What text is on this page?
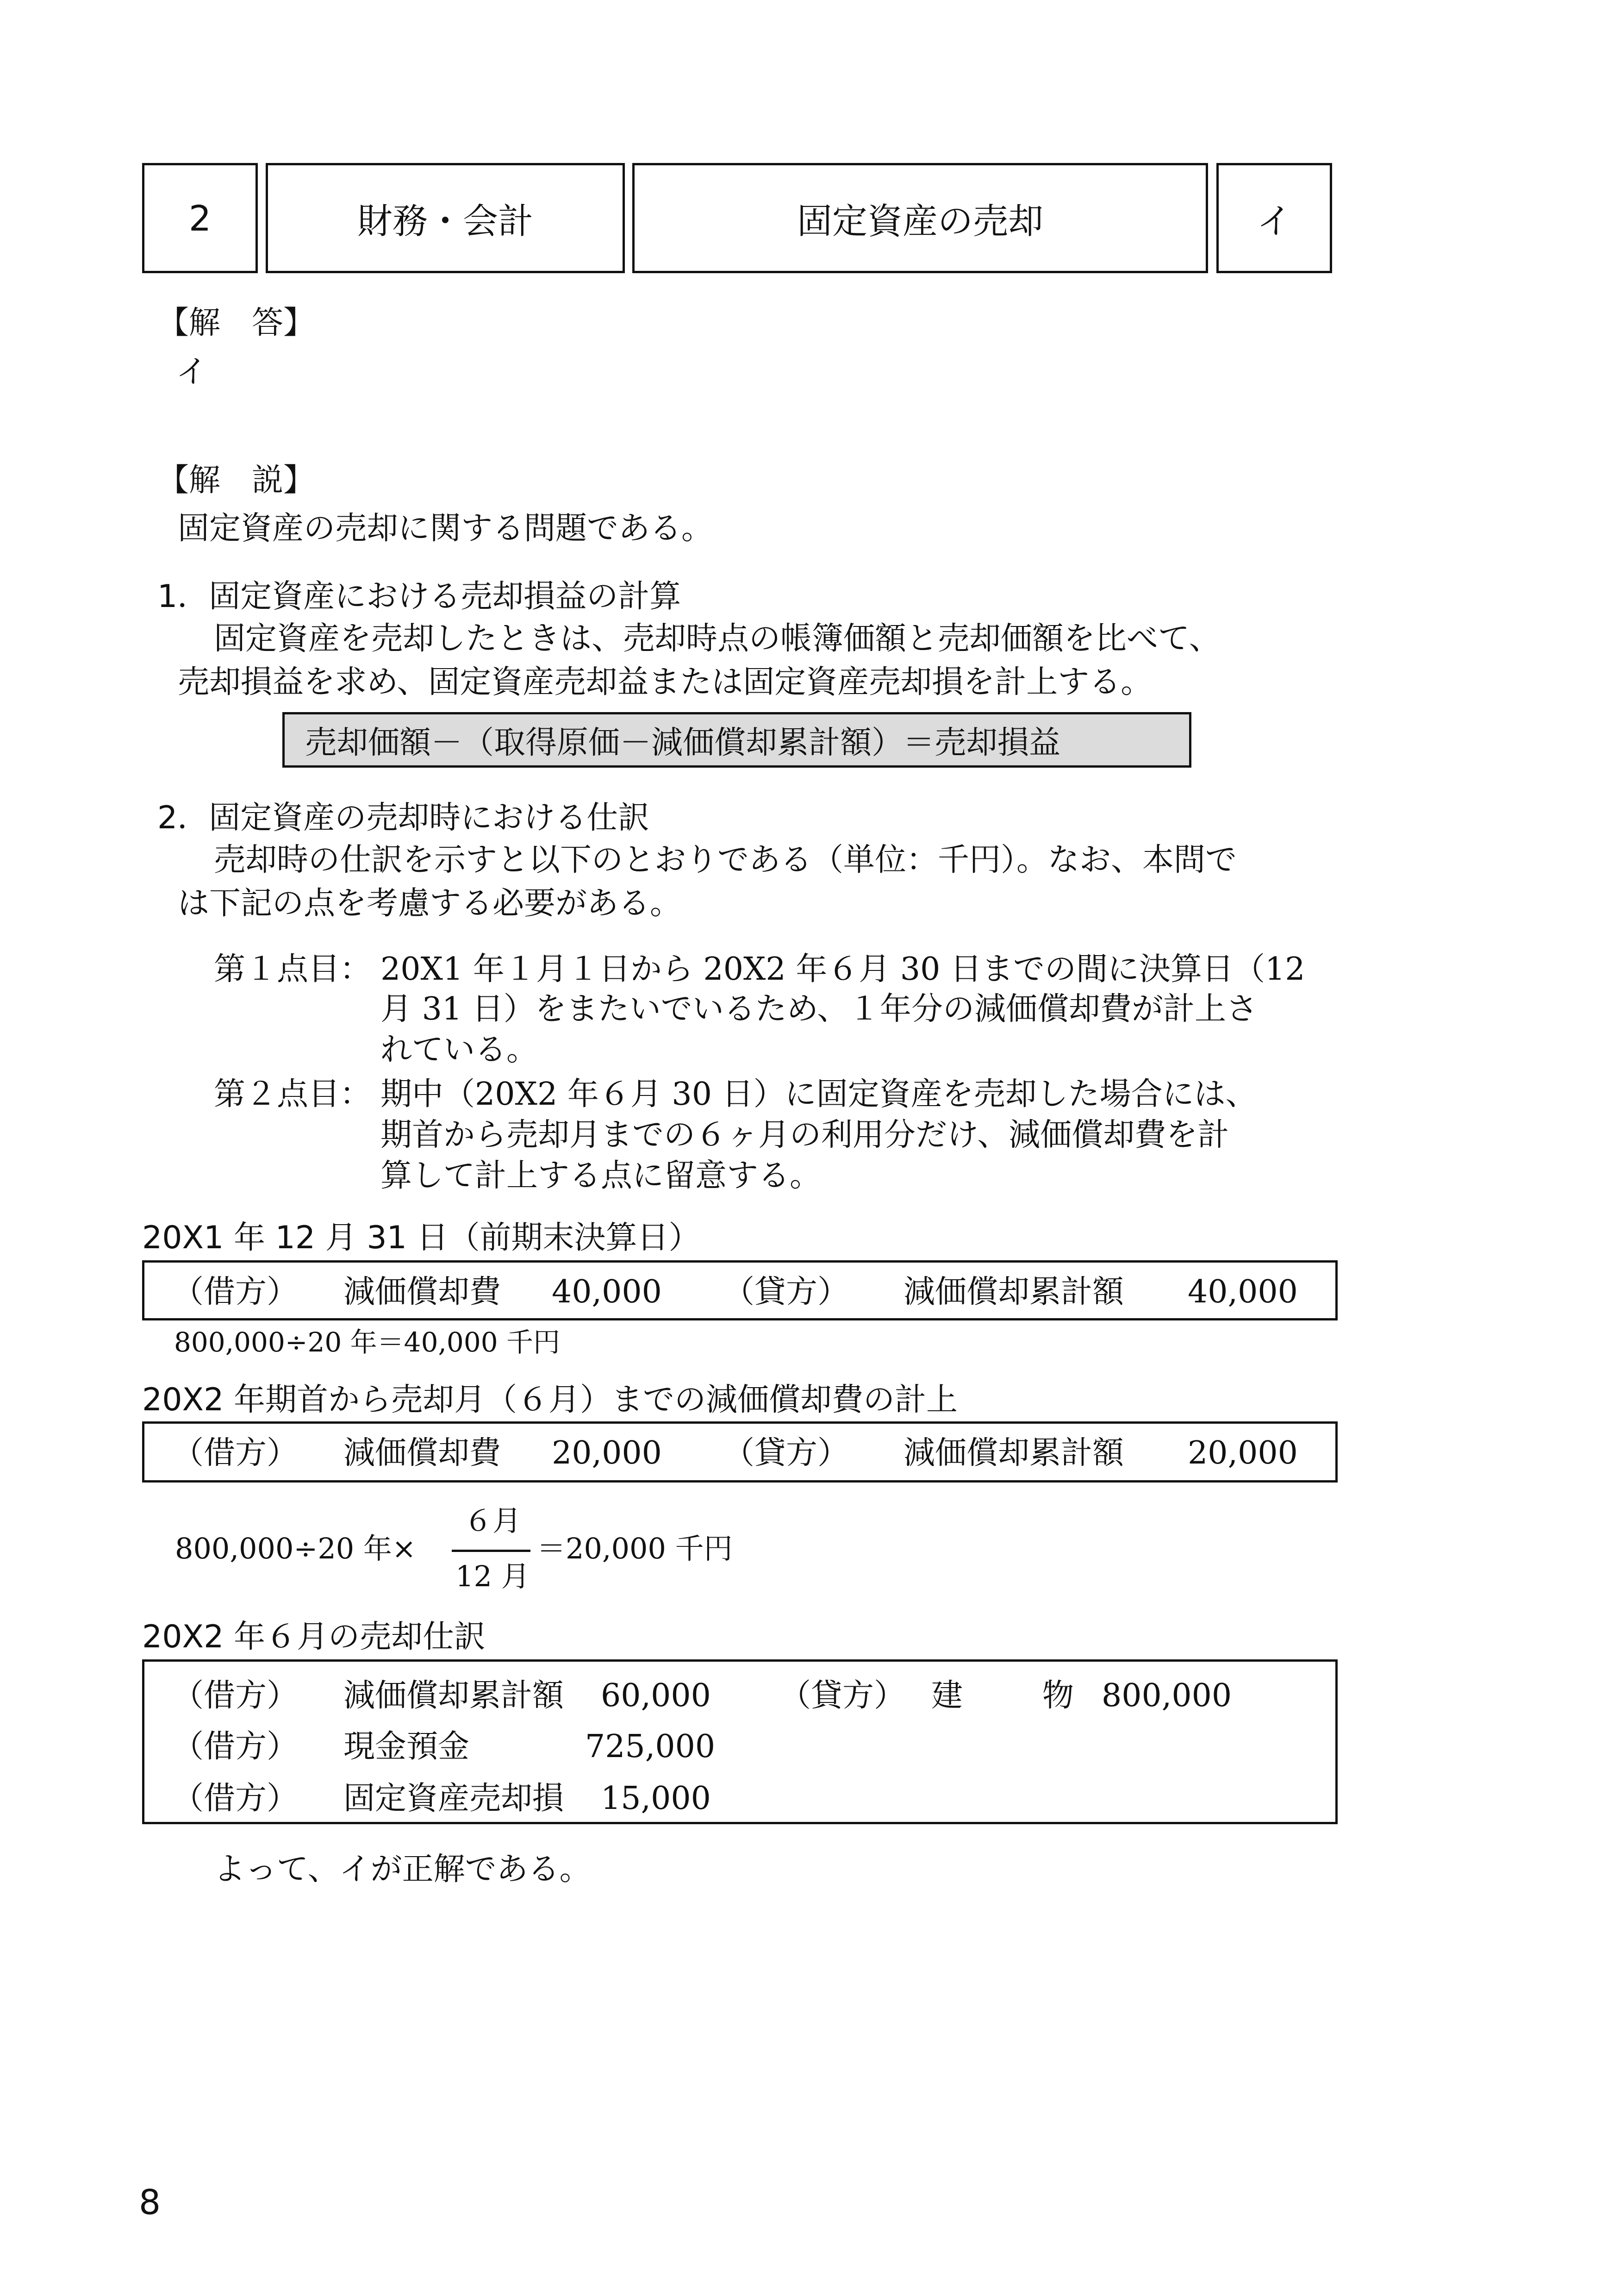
2	財務・会計	固定資産の売却	イ
【解　答】
イ
【解　説】
固定資産の売却に関する問題である。
1．固定資産における売却損益の計算
固定資産を売却したときは、売却時点の帳簿価額と売却価額を比べて、
売却損益を求め、固定資産売却益または固定資産売却損を計上する。
売却価額－（取得原価－減価償却累計額）＝売却損益
2．固定資産の売却時における仕訳
売却時の仕訳を示すと以下のとおりである（単位：千円）。なお、本問で
は下記の点を考慮する必要がある。
第１点目： 20X1 年１月１日から 20X2 年６月 30 日までの間に決算日（12
月 31 日）をまたいでいるため、１年分の減価償却費が計上さ
れている。
第２点目： 期中（20X2 年６月 30 日）に固定資産を売却した場合には、
期首から売却月までの６ヶ月の利用分だけ、減価償却費を計
算して計上する点に留意する。
20X1 年 12 月 31 日（前期末決算日）
（借方） 減価償却費 40,000 （貸方） 減価償却累計額 40,000
800,000÷20 年＝40,000 千円
20X2 年期首から売却月（６月）までの減価償却費の計上
（借方） 減価償却費 20,000 （貸方） 減価償却累計額 20,000
800,000÷20 年×
６月
12 月
＝20,000 千円
20X2 年６月の売却仕訳
（借方） 減価償却累計額 60,000 （貸方） 建	物 800,000
（借方） 現金預金	725,000
（借方） 固定資産売却損 15,000
よって、イが正解である。
8
